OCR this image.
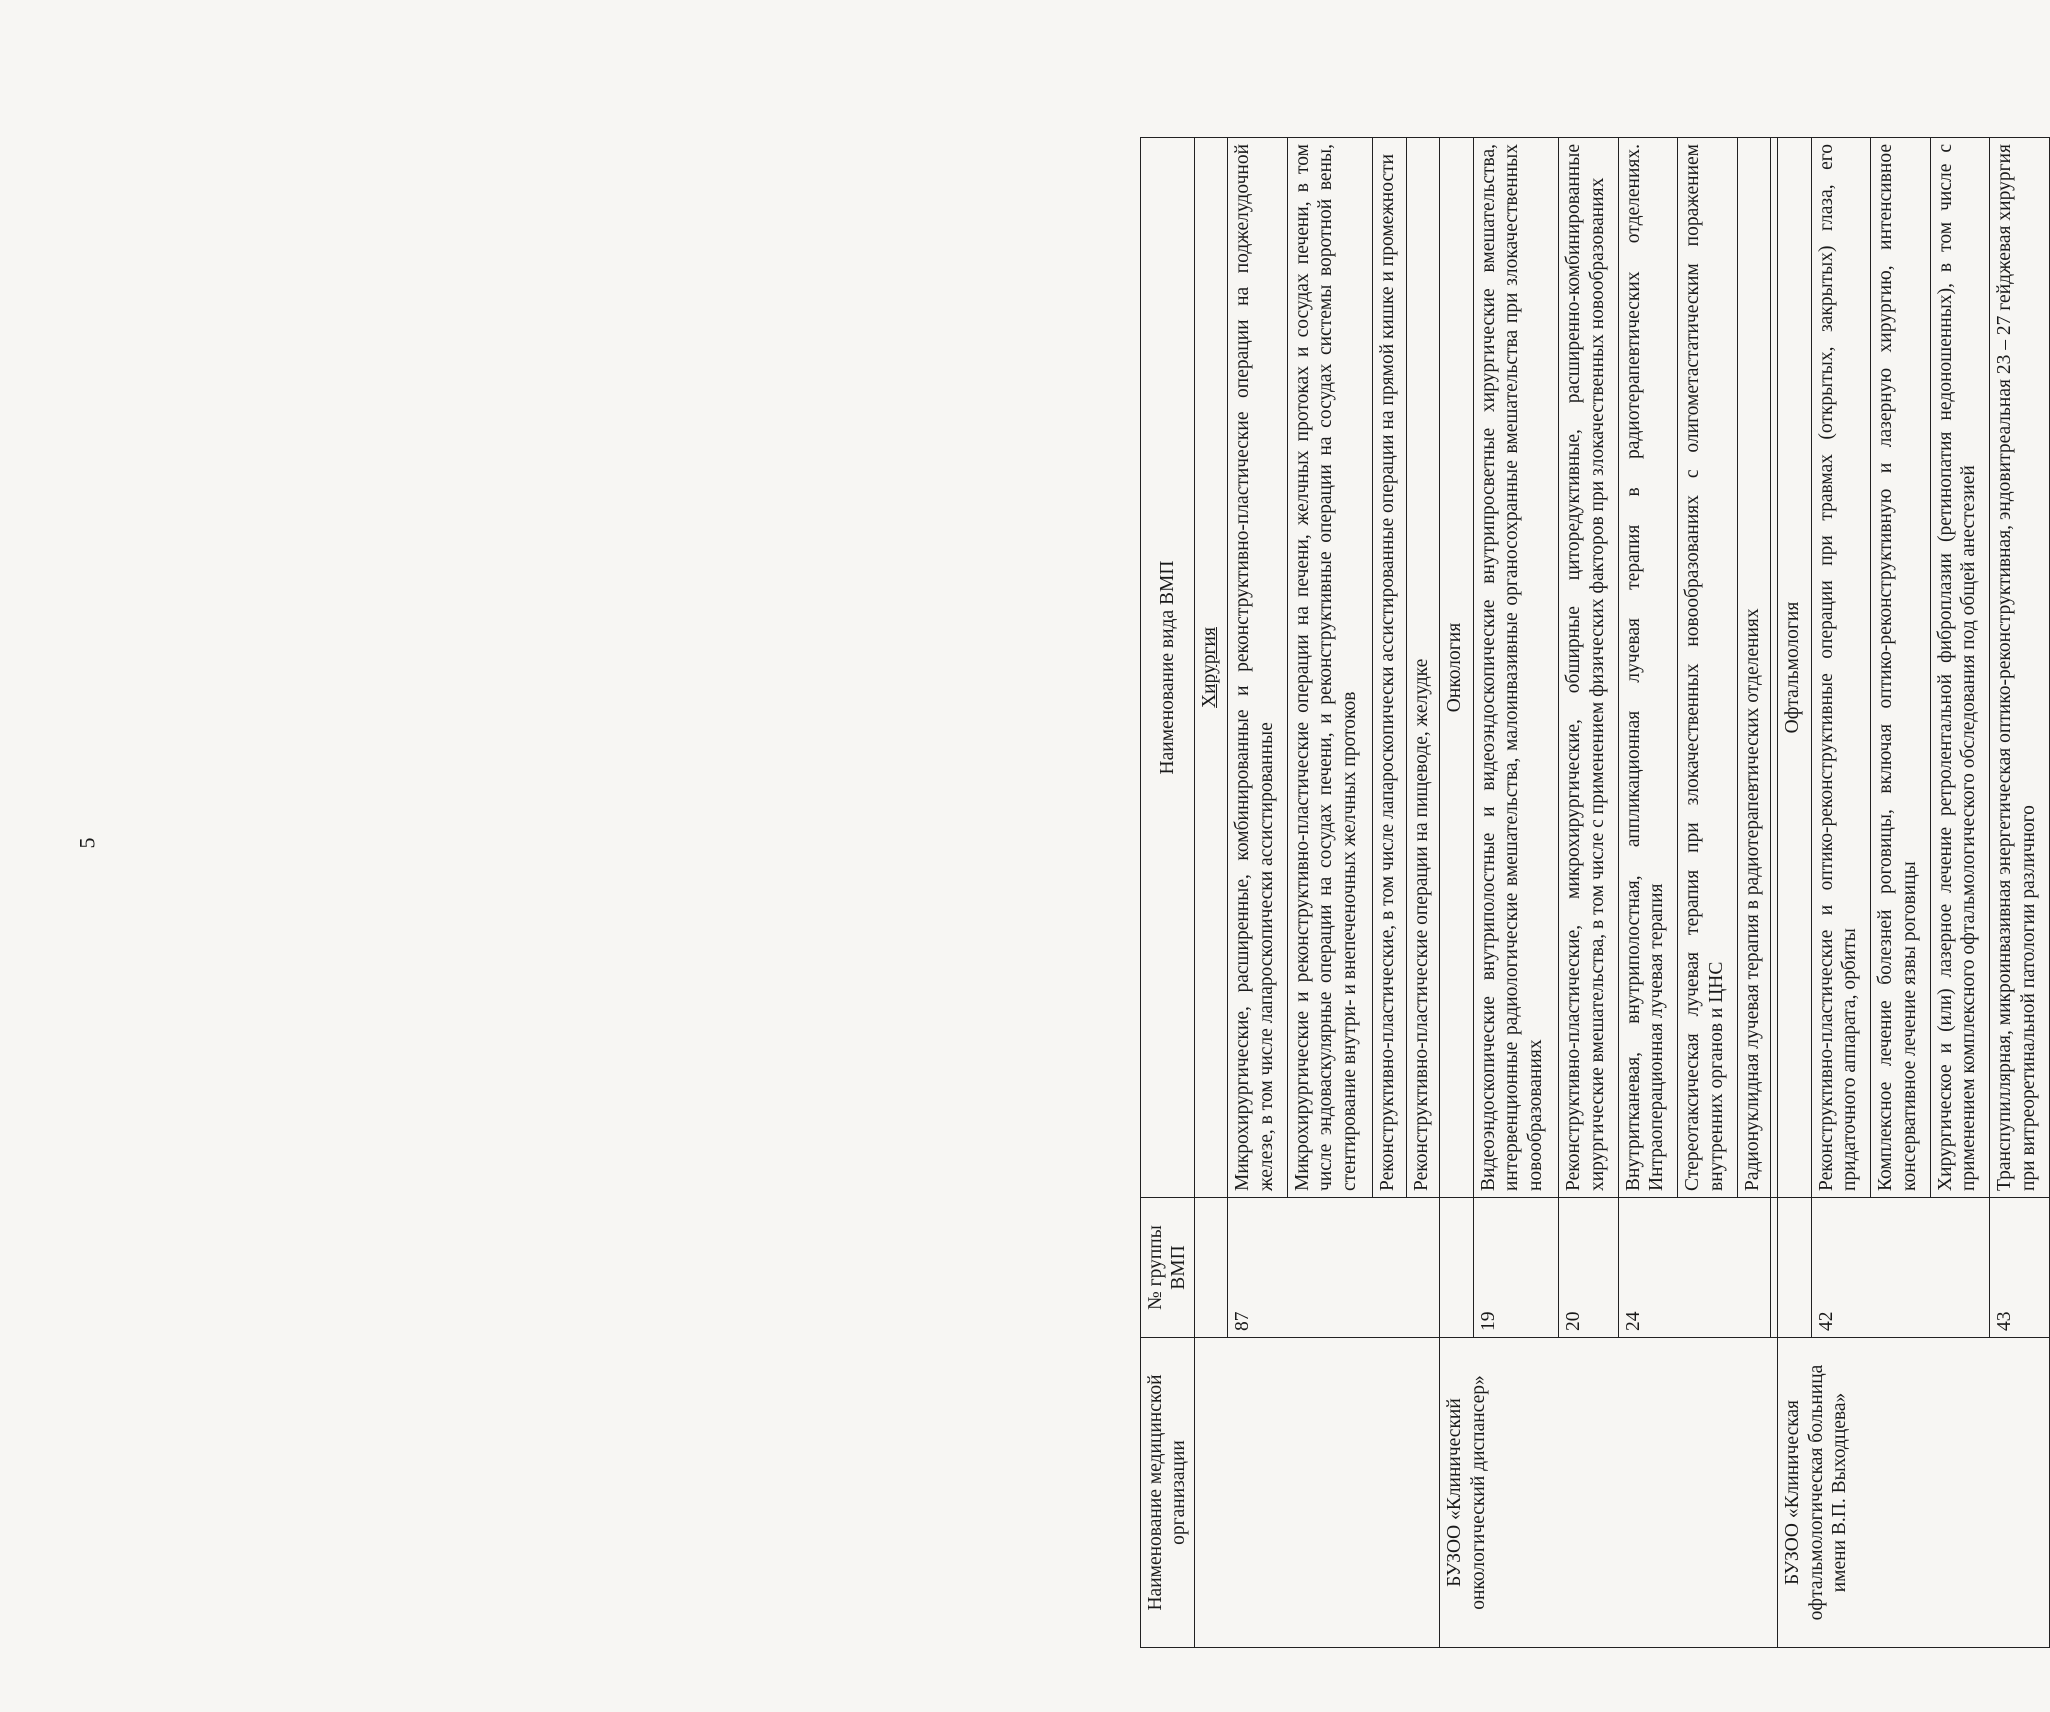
5
Наименование медицинской организации	№ группы ВМП	Наименование вида ВМП
		Хирургия
	87	Микрохирургические, расширенные, комбинированные и реконструктивно-пластические операции на поджелудочной железе, в том числе лапароскопически ассистированные
		Микрохирургические и реконструктивно-пластические операции на печени, желчных протоках и сосудах печени, в том числе эндоваскулярные операции на сосудах печени, и реконструктивные операции на сосудах системы воротной вены, стентирование внутри- и внепеченочных желчных протоков
		Реконструктивно-пластические, в том числе лапароскопически ассистированные операции на прямой кишке и промежности
		Реконструктивно-пластические операции на пищеводе, желудке
БУЗОО «Клинический онкологический диспансер»		Онкология
	19	Видеоэндоскопические внутриполостные и видеоэндоскопические внутрипросветные хирургические вмешательства, интервенционные радиологические вмешательства, малоинвазивные органосохранные вмешательства при злокачественных новообразованиях
	20	Реконструктивно-пластические, микрохирургические, обширные циторедуктивные, расширенно-комбинированные хирургические вмешательства, в том числе с применением физических факторов при злокачественных новообразованиях
	24	Внутритканевая, внутриполостная, аппликационная лучевая терапия в радиотерапевтических отделениях. Интраоперационная лучевая терапия
		Стереотаксическая лучевая терапия при злокачественных новообразованиях с олигометастатическим поражением внутренних органов и ЦНС
		Радионуклидная лучевая терапия в радиотерапевтических отделениях

БУЗОО «Клиническая офтальмологическая больница имени В.П. Выходцева»		Офтальмология
	42	Реконструктивно-пластические и оптико-реконструктивные операции при травмах (открытых, закрытых) глаза, его придаточного аппарата, орбиты
		Комплексное лечение болезней роговицы, включая оптико-реконструктивную и лазерную хирургию, интенсивное консервативное лечение язвы роговицы
		Хирургическое и (или) лазерное лечение ретролентальной фиброплазии (ретинопатия недоношенных), в том числе с применением комплексного офтальмологического обследования под общей анестезией
	43	Транспупиллярная, микроинвазивная энергетическая оптико-реконструктивная, эндовитреальная 23 – 27 гейджевая хирургия при витреоретинальной патологии различного
